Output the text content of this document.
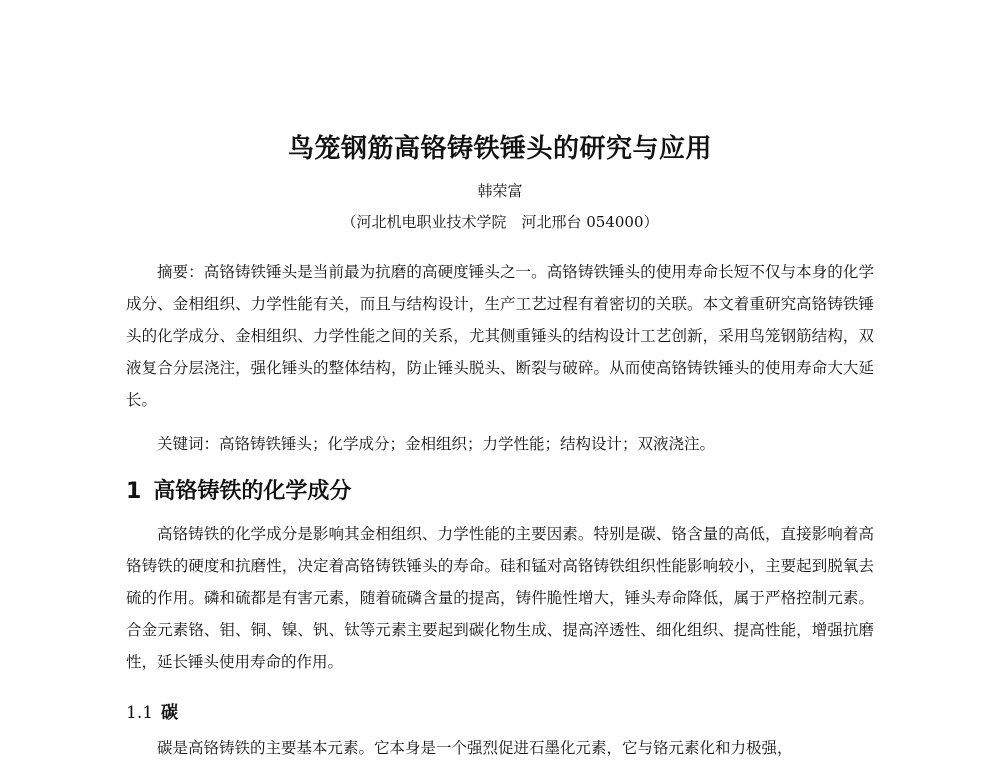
鸟笼钢筋高铬铸铁锤头的研究与应用
韩荣富
（河北机电职业技术学院　河北邢台 054000）

摘要：高铬铸铁锤头是当前最为抗磨的高硬度锤头之一。高铬铸铁锤头的使用寿命长短不仅与本身的化学成分、金相组织、力学性能有关，而且与结构设计，生产工艺过程有着密切的关联。本文着重研究高铬铸铁锤头的化学成分、金相组织、力学性能之间的关系，尤其侧重锤头的结构设计工艺创新，采用鸟笼钢筋结构，双液复合分层浇注，强化锤头的整体结构，防止锤头脱头、断裂与破碎。从而使高铬铸铁锤头的使用寿命大大延长。

关键词：高铬铸铁锤头；化学成分；金相组织；力学性能；结构设计；双液浇注。

1 高铬铸铁的化学成分

高铬铸铁的化学成分是影响其金相组织、力学性能的主要因素。特别是碳、铬含量的高低，直接影响着高铬铸铁的硬度和抗磨性，决定着高铬铸铁锤头的寿命。硅和锰对高铬铸铁组织性能影响较小，主要起到脱氧去硫的作用。磷和硫都是有害元素，随着硫磷含量的提高，铸件脆性增大，锤头寿命降低，属于严格控制元素。合金元素铬、钼、铜、镍、钒、钛等元素主要起到碳化物生成、提高淬透性、细化组织、提高性能，增强抗磨性，延长锤头使用寿命的作用。

1.1 碳

碳是高铬铸铁的主要基本元素。它本身是一个强烈促进石墨化元素，它与铬元素化和力极强，
